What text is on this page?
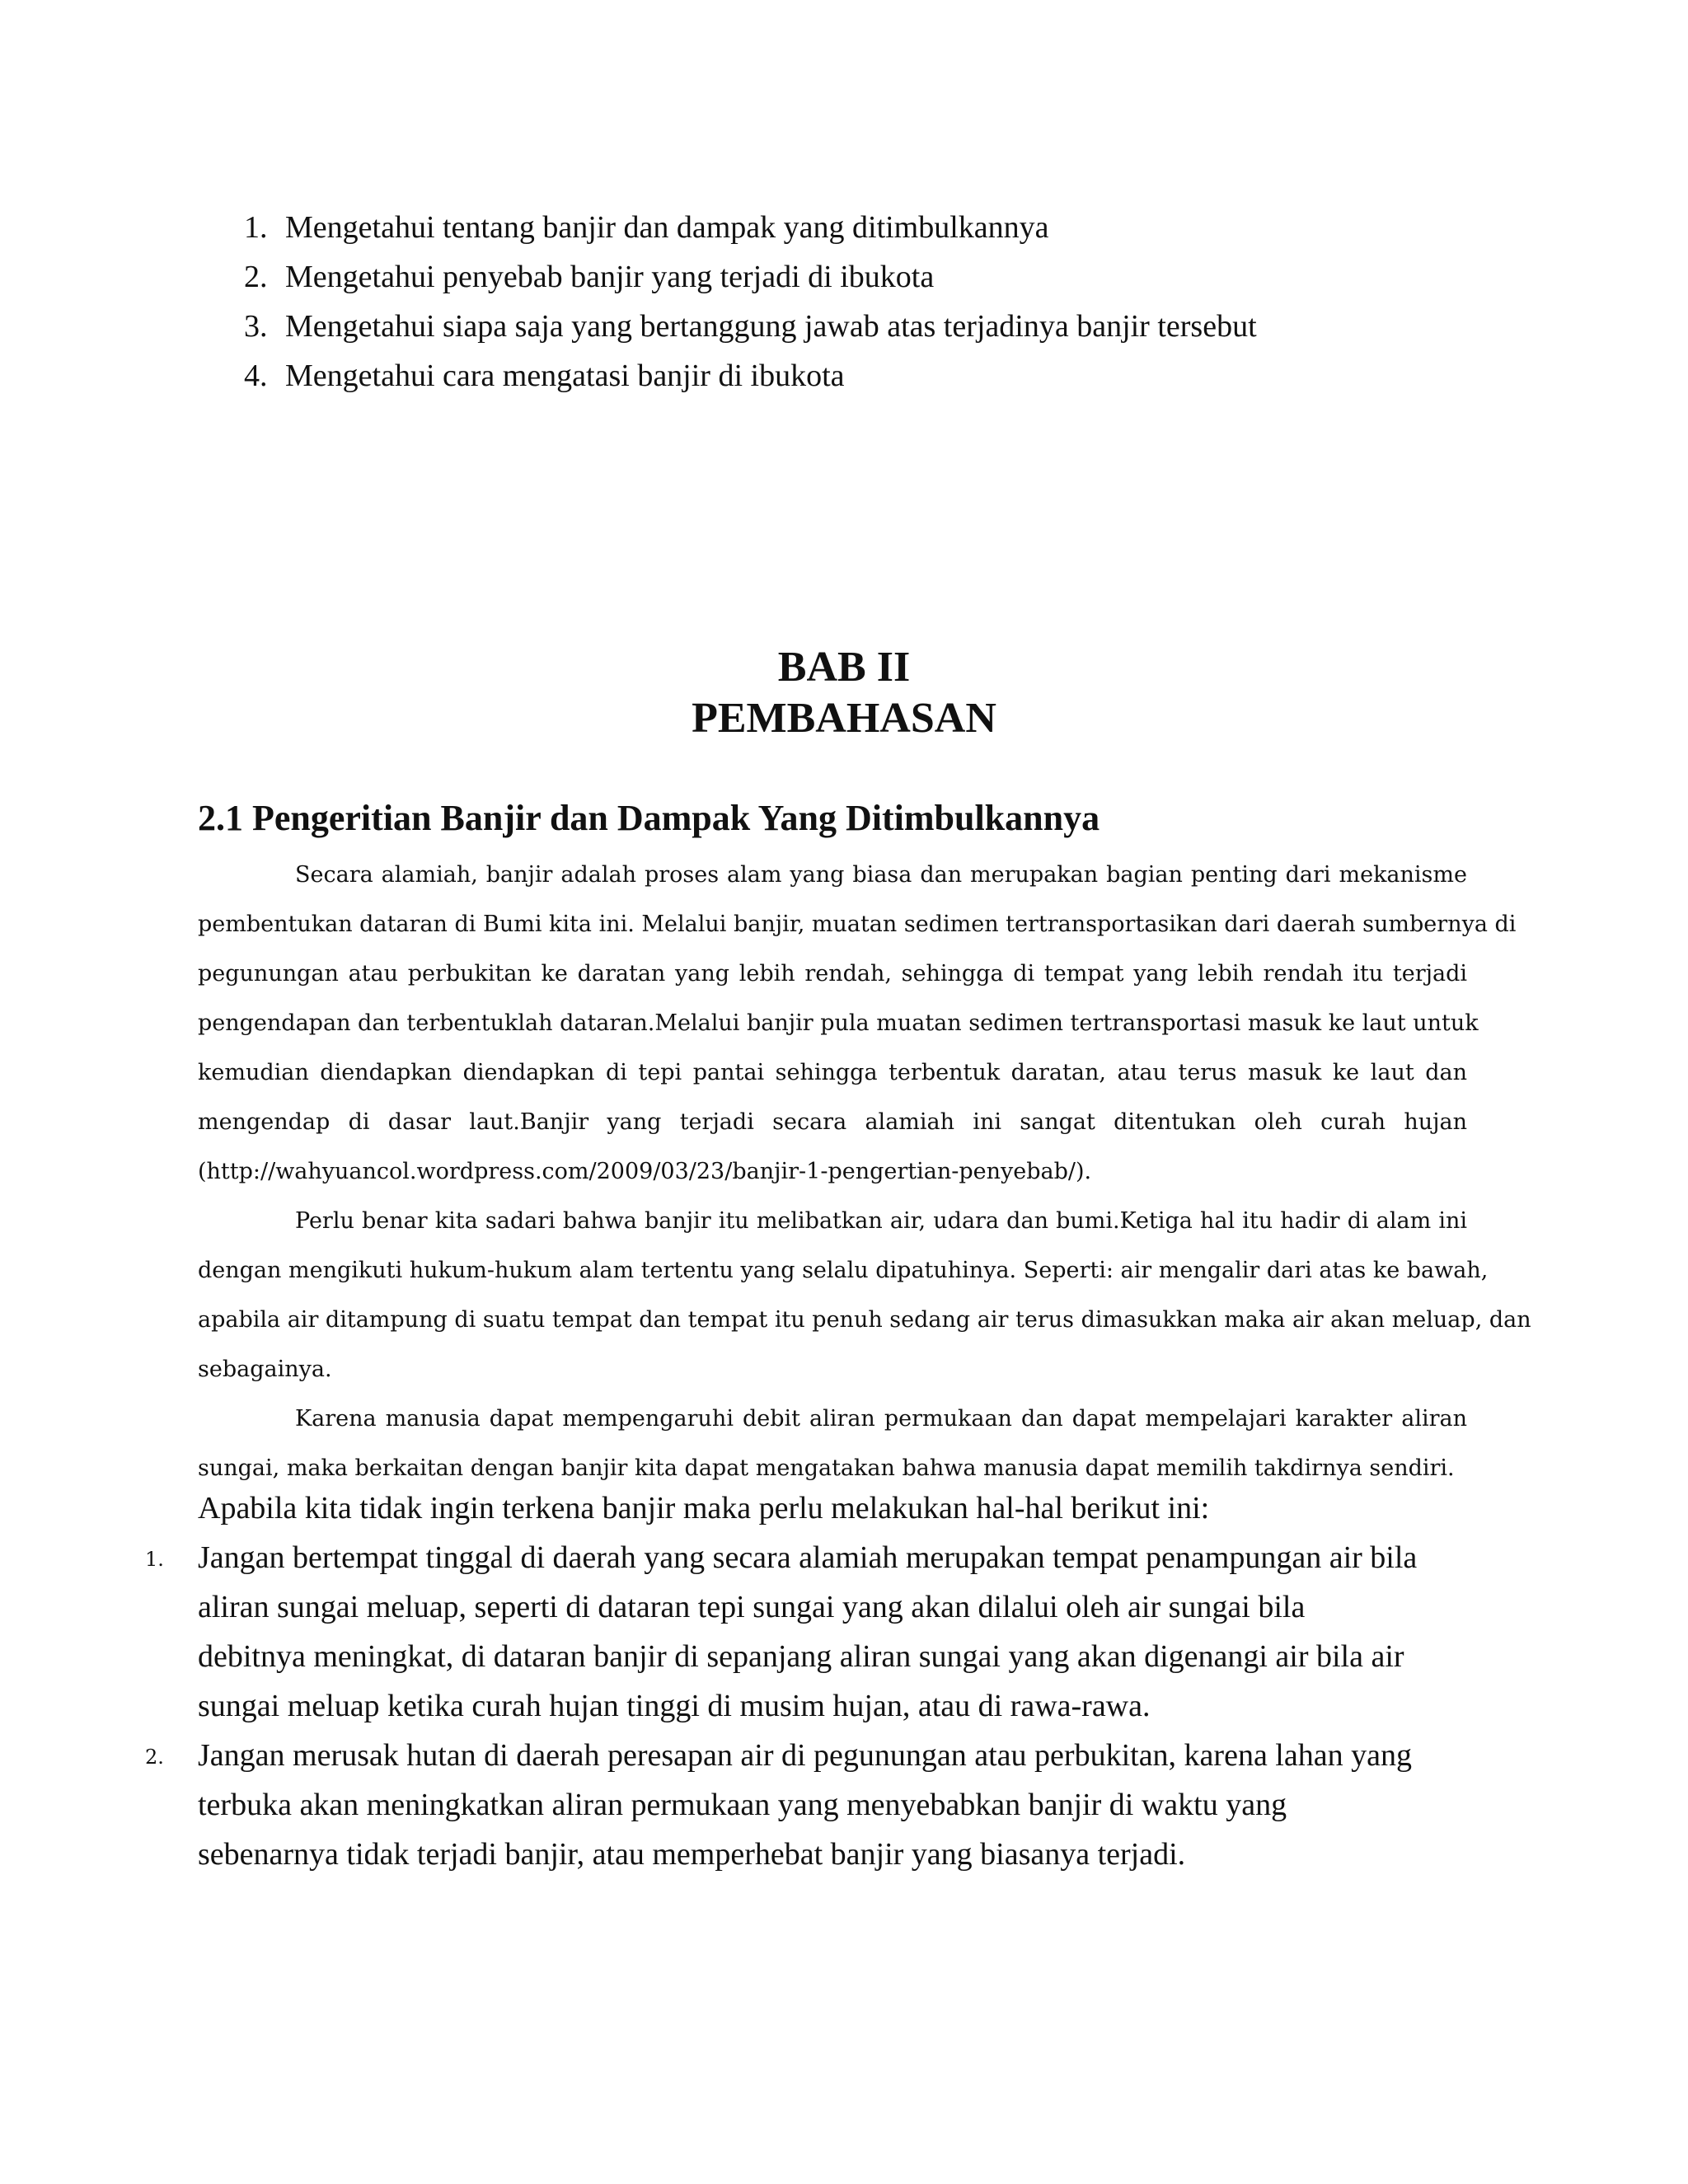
1. Mengetahui tentang banjir dan dampak yang ditimbulkannya
2. Mengetahui penyebab banjir yang terjadi di ibukota
3. Mengetahui siapa saja yang bertanggung jawab atas terjadinya banjir tersebut
4. Mengetahui cara mengatasi banjir di ibukota
BAB II
PEMBAHASAN
2.1 Pengeritian Banjir dan Dampak Yang Ditimbulkannya
Secara alamiah, banjir adalah proses alam yang biasa dan merupakan bagian penting dari mekanisme
pembentukan dataran di Bumi kita ini. Melalui banjir, muatan sedimen tertransportasikan dari daerah sumbernya di
pegunungan atau perbukitan ke daratan yang lebih rendah, sehingga di tempat yang lebih rendah itu terjadi
pengendapan dan terbentuklah dataran.Melalui banjir pula muatan sedimen tertransportasi masuk ke laut untuk
kemudian diendapkan diendapkan di tepi pantai sehingga terbentuk daratan, atau terus masuk ke laut dan
mengendap di dasar laut.Banjir yang terjadi secara alamiah ini sangat ditentukan oleh curah hujan
(http://wahyuancol.wordpress.com/2009/03/23/banjir-1-pengertian-penyebab/).
Perlu benar kita sadari bahwa banjir itu melibatkan air, udara dan bumi.Ketiga hal itu hadir di alam ini
dengan mengikuti hukum-hukum alam tertentu yang selalu dipatuhinya. Seperti: air mengalir dari atas ke bawah,
apabila air ditampung di suatu tempat dan tempat itu penuh sedang air terus dimasukkan maka air akan meluap, dan
sebagainya.
Karena manusia dapat mempengaruhi debit aliran permukaan dan dapat mempelajari karakter aliran
sungai, maka berkaitan dengan banjir kita dapat mengatakan bahwa manusia dapat memilih takdirnya sendiri.

Apabila kita tidak ingin terkena banjir maka perlu melakukan hal-hal berikut ini:

1. Jangan bertempat tinggal di daerah yang secara alamiah merupakan tempat penampungan air bila
aliran sungai meluap, seperti di dataran tepi sungai yang akan dilalui oleh air sungai bila
debitnya meningkat, di dataran banjir di sepanjang aliran sungai yang akan digenangi air bila air
sungai meluap ketika curah hujan tinggi di musim hujan, atau di rawa-rawa.
2. Jangan merusak hutan di daerah peresapan air di pegunungan atau perbukitan, karena lahan yang
terbuka akan meningkatkan aliran permukaan yang menyebabkan banjir di waktu yang
sebenarnya tidak terjadi banjir, atau memperhebat banjir yang biasanya terjadi.
